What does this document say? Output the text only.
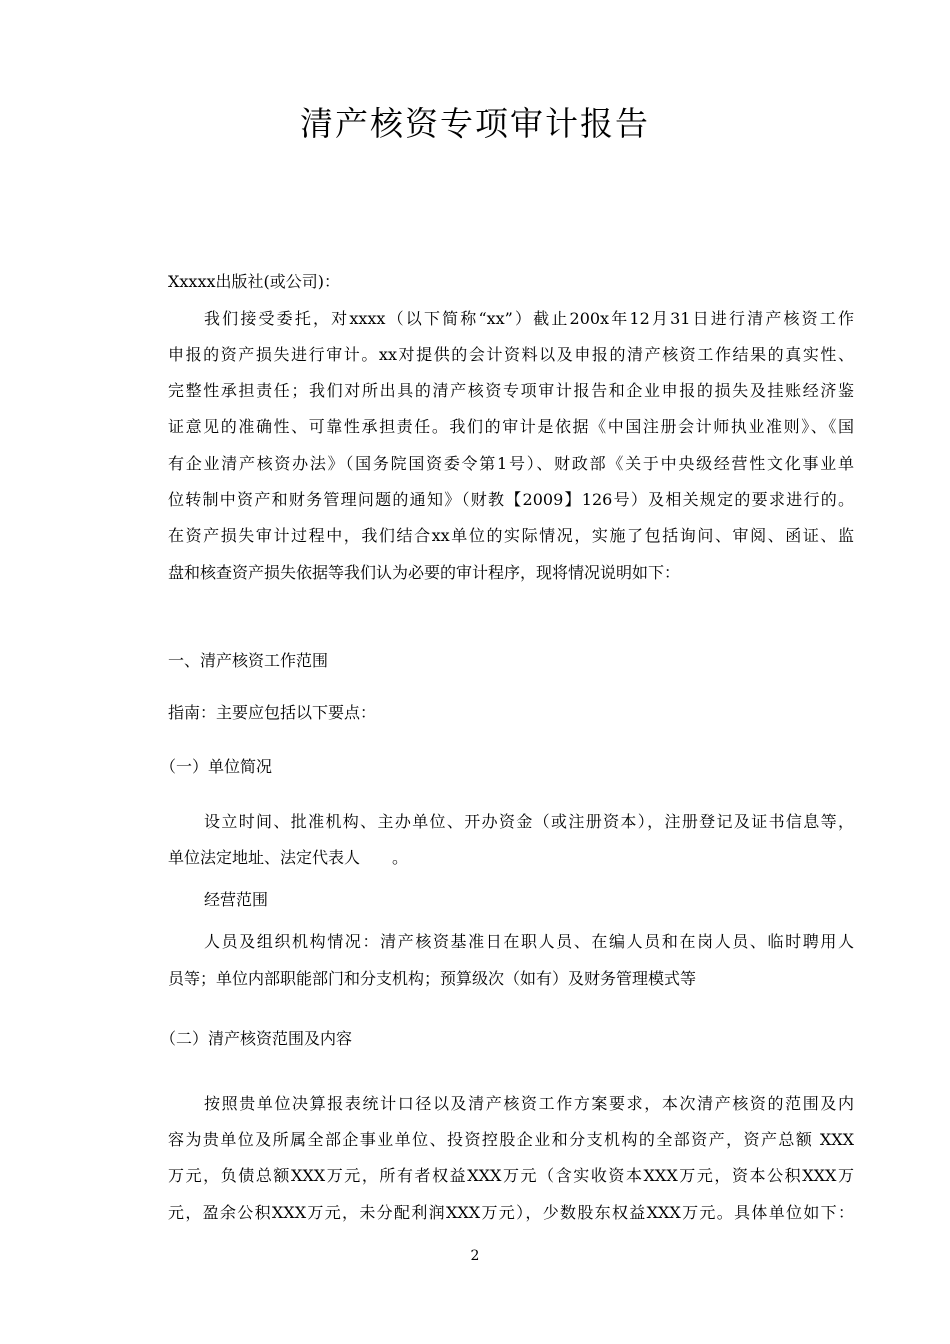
清产核资专项审计报告
Xxxxx出版社(或公司)：
我们接受委托，对xxxx（以下简称“xx”）截止200x年12月31日进行清产核资工作
申报的资产损失进行审计。xx对提供的会计资料以及申报的清产核资工作结果的真实性、
完整性承担责任；我们对所出具的清产核资专项审计报告和企业申报的损失及挂账经济鉴
证意见的准确性、可靠性承担责任。我们的审计是依据《中国注册会计师执业准则》、《国
有企业清产核资办法》（国务院国资委令第1号）、财政部《关于中央级经营性文化事业单
位转制中资产和财务管理问题的通知》（财教【2009】126号）及相关规定的要求进行的。
在资产损失审计过程中，我们结合xx单位的实际情况，实施了包括询问、审阅、函证、监
盘和核查资产损失依据等我们认为必要的审计程序，现将情况说明如下：
一、清产核资工作范围
指南：主要应包括以下要点：
（一）单位简况
设立时间、批准机构、主办单位、开办资金（或注册资本），注册登记及证书信息等，
单位法定地址、法定代表人　　。
经营范围
人员及组织机构情况：清产核资基准日在职人员、在编人员和在岗人员、临时聘用人
员等；单位内部职能部门和分支机构；预算级次（如有）及财务管理模式等
（二）清产核资范围及内容
按照贵单位决算报表统计口径以及清产核资工作方案要求，本次清产核资的范围及内
容为贵单位及所属全部企事业单位、投资控股企业和分支机构的全部资产，资产总额 XXX
万元，负债总额XXX万元，所有者权益XXX万元（含实收资本XXX万元，资本公积XXX万
元，盈余公积XXX万元，未分配利润XXX万元），少数股东权益XXX万元。具体单位如下：
2
